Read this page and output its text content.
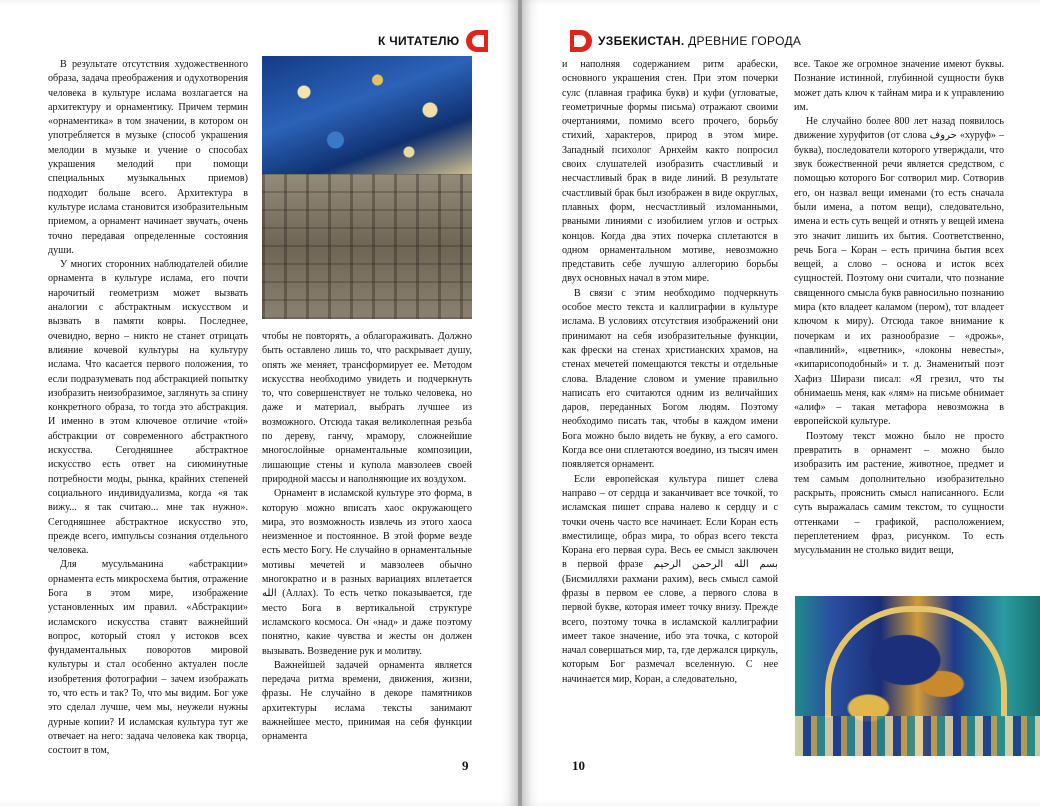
К ЧИТАТЕЛЮ

В результате отсутствия художественного образа, задача преображения и одухотворения человека в культуре ислама возлагается на архитектуру и орнаментику. Причем термин «орнаментика» в том значении, в котором он употребляется в музыке (способ украшения мелодии в музыке и учение о способах украшения мелодий при помощи специальных музыкальных приемов) подходит больше всего. Архитектура в культуре ислама становится изобразительным приемом, а орнамент начинает звучать, очень точно передавая определенные состояния души.

У многих сторонних наблюдателей обилие орнамента в культуре ислама, его почти нарочитый геометризм может вызвать аналогии с абстрактным искусством и вызвать в памяти ковры. Последнее, очевидно, верно – никто не станет отрицать влияние кочевой культуры на культуру ислама. Что касается первого положения, то если подразумевать под абстракцией попытку изобразить неизобразимое, заглянуть за спину конкретного образа, то тогда это абстракция. И именно в этом ключевое отличие «той» абстракции от современного абстрактного искусства. Сегодняшнее абстрактное искусство есть ответ на сиюминутные потребности моды, рынка, крайних степеней социального индивидуализма, когда «я так вижу... я так считаю... мне так нужно». Сегодняшнее абстрактное искусство это, прежде всего, импульсы сознания отдельного человека.

Для мусульманина «абстракции» орнамента есть микросхема бытия, отражение Бога в этом мире, изображение установленных им правил. «Абстракции» исламского искусства ставят важнейший вопрос, который стоял у истоков всех фундаментальных поворотов мировой культуры и стал особенно актуален после изобретения фотографии – зачем изображать то, что есть и так? То, что мы видим. Бог уже это сделал лучше, чем мы, неужели нужны дурные копии? И исламская культура тут же отвечает на него: задача человека как творца, состоит в том,

чтобы не повторять, а облагораживать. Должно быть оставлено лишь то, что раскрывает душу, опять же меняет, трансформирует ее. Методом искусства необходимо увидеть и подчеркнуть то, что совершенствует не только человека, но даже и материал, выбрать лучшее из возможного. Отсюда такая великолепная резьба по дереву, ганчу, мрамору, сложнейшие многослойные орнаментальные композиции, лишающие стены и купола мавзолеев своей природной массы и наполняющие их воздухом.

Орнамент в исламской культуре это форма, в которую можно вписать хаос окружающего мира, это возможность извлечь из этого хаоса неизменное и постоянное. В этой форме везде есть место Богу. Не случайно в орнаментальные мотивы мечетей и мавзолеев обычно многократно и в разных вариациях вплетается الله (Аллах). То есть четко показывается, где место Бога в вертикальной структуре исламского космоса. Он «над» и даже поэтому понятно, какие чувства и жесты он должен вызывать. Возведение рук и молитву.

Важнейшей задачей орнамента является передача ритма времени, движения, жизни, фразы. Не случайно в декоре памятников архитектуры ислама тексты занимают важнейшее место, принимая на себя функции орнамента

9
УЗБЕКИСТАН. ДРЕВНИЕ ГОРОДА

и наполняя содержанием ритм арабески, основного украшения стен. При этом почерки сулс (плавная графика букв) и куфи (угловатые, геометричные формы письма) отражают своими очертаниями, помимо всего прочего, борьбу стихий, характеров, природ в этом мире. Западный психолог Арнхейм както попросил своих слушателей изобразить счастливый и несчастливый брак в виде линий. В результате счастливый брак был изображен в виде округлых, плавных форм, несчастливый изломанными, рваными линиями с изобилием углов и острых концов. Когда два этих почерка сплетаются в одном орнаментальном мотиве, невозможно представить себе лучшую аллегорию борьбы двух основных начал в этом мире.

В связи с этим необходимо подчеркнуть особое место текста и каллиграфии в культуре ислама. В условиях отсутствия изображений они принимают на себя изобразительные функции, как фрески на стенах христианских храмов, на стенах мечетей помещаются тексты и отдельные слова. Владение словом и умение правильно написать его считаются одним из величайших даров, переданных Богом людям. Поэтому необходимо писать так, чтобы в каждом имени Бога можно было видеть не букву, а его самого. Когда все они сплетаются воедино, из тысяч имен появляется орнамент.

Если европейская культура пишет слева направо – от сердца и заканчивает все точкой, то исламская пишет справа налево к сердцу и с точки очень часто все начинает. Если Коран есть вместилище, образ мира, то образ всего текста Корана его первая сура. Весь ее смысл заключен в первой фразе بسم الله الرحمن الرحيم (Бисмилляхи рахмани рахим), весь смысл самой фразы в первом ее слове, а первого слова в первой букве, которая имеет точку внизу. Прежде всего, поэтому точка в исламской каллиграфии имеет такое значение, ибо эта точка, с которой начал совершаться мир, та, где держался циркуль, которым Бог размечал вселенную. С нее начинается мир, Коран, а следовательно,

все. Такое же огромное значение имеют буквы. Познание истинной, глубинной сущности букв может дать ключ к тайнам мира и к управлению им.

Не случайно более 800 лет назад появилось движение хуруфитов (от слова حروف «хуруф» – буква), последователи которого утверждали, что звук божественной речи является средством, с помощью которого Бог сотворил мир. Сотворив его, он назвал вещи именами (то есть сначала были имена, а потом вещи), следовательно, имена и есть суть вещей и отнять у вещей имена это значит лишить их бытия. Соответственно, речь Бога – Коран – есть причина бытия всех вещей, а слово – основа и исток всех сущностей. Поэтому они считали, что познание священного смысла букв равносильно познанию мира (кто владеет каламом (пером), тот владеет ключом к миру). Отсюда такое внимание к почеркам и их разнообразие – «дрожь», «павлиний», «цветник», «локоны невесты», «кипарисоподобный» и т. д. Знаменитый поэт Хафиз Ширази писал: «Я грезил, что ты обнимаешь меня, как «лям» на письме обнимает «алиф» – такая метафора невозможна в европейской культуре.

Поэтому текст можно было не просто превратить в орнамент – можно было изобразить им растение, животное, предмет и тем самым дополнительно изобразительно раскрыть, прояснить смысл написанного. Если суть выражалась самим текстом, то сущности оттенками – графикой, расположением, переплетением фраз, рисунком. То есть мусульманин не столько видит вещи,

10
